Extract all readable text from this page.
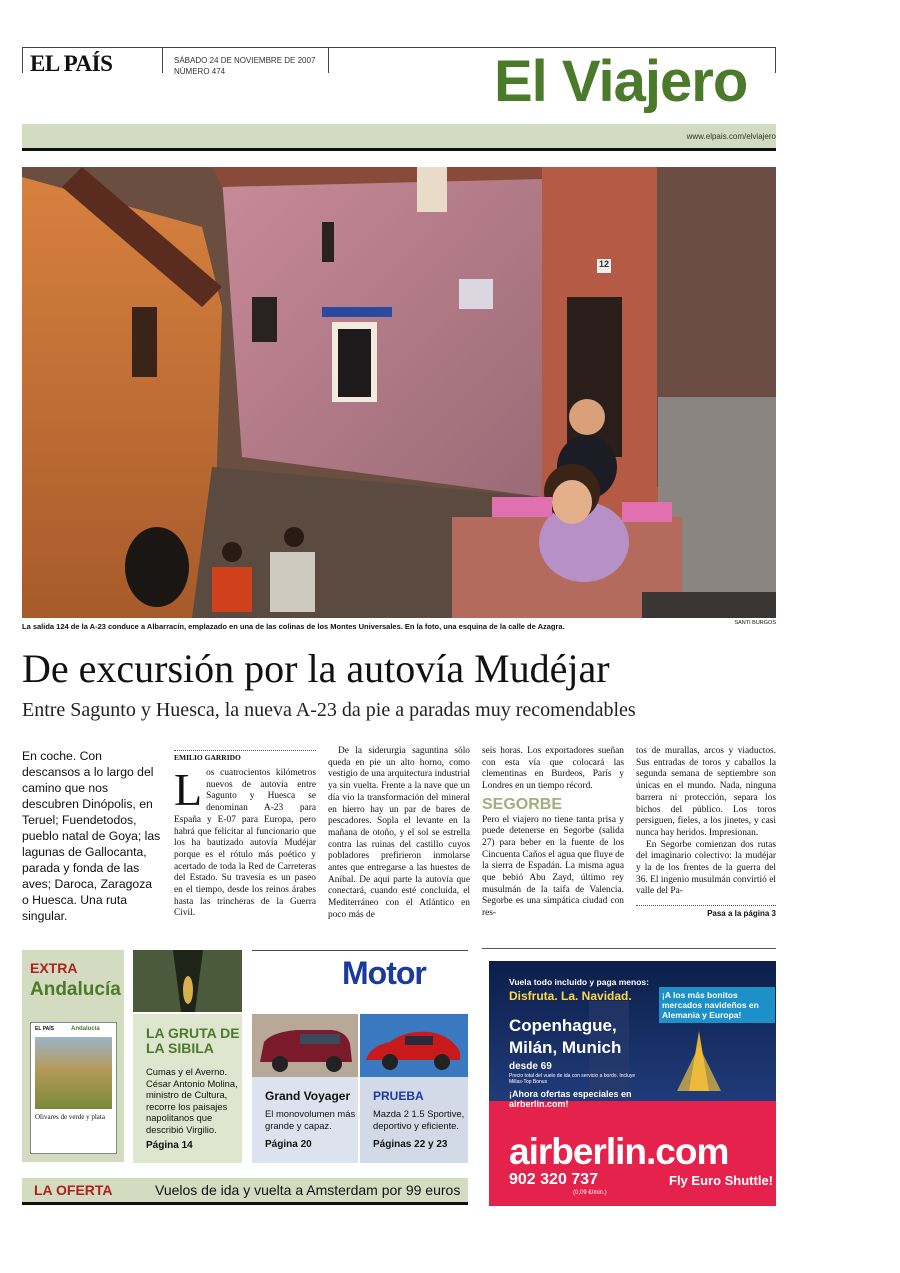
EL PAÍS	SÁBADO 24 DE NOVIEMBRE DE 2007
NÚMERO 474	El Viajero
www.elpais.com/elviajero
12
La salida 124 de la A-23 conduce a Albarracín, emplazado en una de las colinas de los Montes Universales. En la foto, una esquina de la calle de Azagra.	SANTI BURGOS
De excursión por la autovía Mudéjar
Entre Sagunto y Huesca, la nueva A-23 da pie a paradas muy recomendables
En coche. Con descansos a lo largo del camino que nos descubren Dinópolis, en Teruel; Fuendetodos, pueblo natal de Goya; las lagunas de Gallocanta, parada y fonda de las aves; Daroca, Zaragoza o Huesca. Una ruta singular.
EMILIO GARRIDO
L os cuatrocientos kilómetros nuevos de autovía entre Sagunto y Huesca se denominan A-23 para España y E-07 para Europa, pero habrá que felicitar al funcionario que los ha bautizado autovía Mudéjar porque es el rótulo más poético y acertado de toda la Red de Carreteras del Estado. Su travesía es un paseo en el tiempo, desde los reinos árabes hasta las trincheras de la Guerra Civil.

De la siderurgia saguntina sólo queda en pie un alto horno, como vestigio de una arquitectura industrial ya sin vuelta. Frente a la nave que un día vio la transformación del mineral en hierro hay un par de bares de pescadores. Sopla el levante en la mañana de otoño, y el sol se estrella contra las ruinas del castillo cuyos pobladores prefirieron inmolarse antes que entregarse a las huestes de Aníbal. De aquí parte la autovía que conectará, cuando esté concluida, el Mediterráneo con el Atlántico en poco más de

seis horas. Los exportadores sueñan con esta vía que colocará las clementinas en Burdeos, París y Londres en un tiempo récord.
SEGORBE
Pero el viajero no tiene tanta prisa y puede detenerse en Segorbe (salida 27) para beber en la fuente de los Cincuenta Caños el agua que fluye de la sierra de Espadán. La misma agua que bebió Abu Zayd, último rey musulmán de la taifa de Valencia. Segorbe es una simpática ciudad con res-
tos de murallas, arcos y viaductos. Sus entradas de toros y caballos la segunda semana de septiembre son únicas en el mundo. Nada, ninguna barrera ni protección, separa los bichos del público. Los toros persiguen, fieles, a los jinetes, y casi nunca hay heridos. Impresionan.

En Segorbe comienzan dos rutas del imaginario colectivo: la mudéjar y la de los frentes de la guerra del 36. El ingenio musulmán convirtió el valle del Pa-

Pasa a la página 3
EXTRA
Andalucía
EL PAÍS	Andalucía
Olivares de verde y plata
LA GRUTA DE LA SIBILA
Cumas y el Averno. César Antonio Molina, ministro de Cultura, recorre los paisajes napolitanos que describió Virgilio.
Página 14
Motor
Grand Voyager
El monovolumen más grande y capaz.
Página 20
PRUEBA
Mazda 2 1.5 Sportive, deportivo y eficiente.
Páginas 22 y 23
LA OFERTA	Vuelos de ida y vuelta a Amsterdam por 99 euros
Vuela todo incluido y paga menos:
Disfruta. La. Navidad.	¡A los más bonitos mercados navideños en Alemania y Europa!
Copenhague, Milán, Munich
desde 69
Precio total del vuelo de ida con servicio a bordo. Incluye Millas-Top Bonus
¡Ahora ofertas especiales en airberlin.com!
airberlin.com
902 320 737
(0,09 €/min.)
Fly Euro Shuttle!
